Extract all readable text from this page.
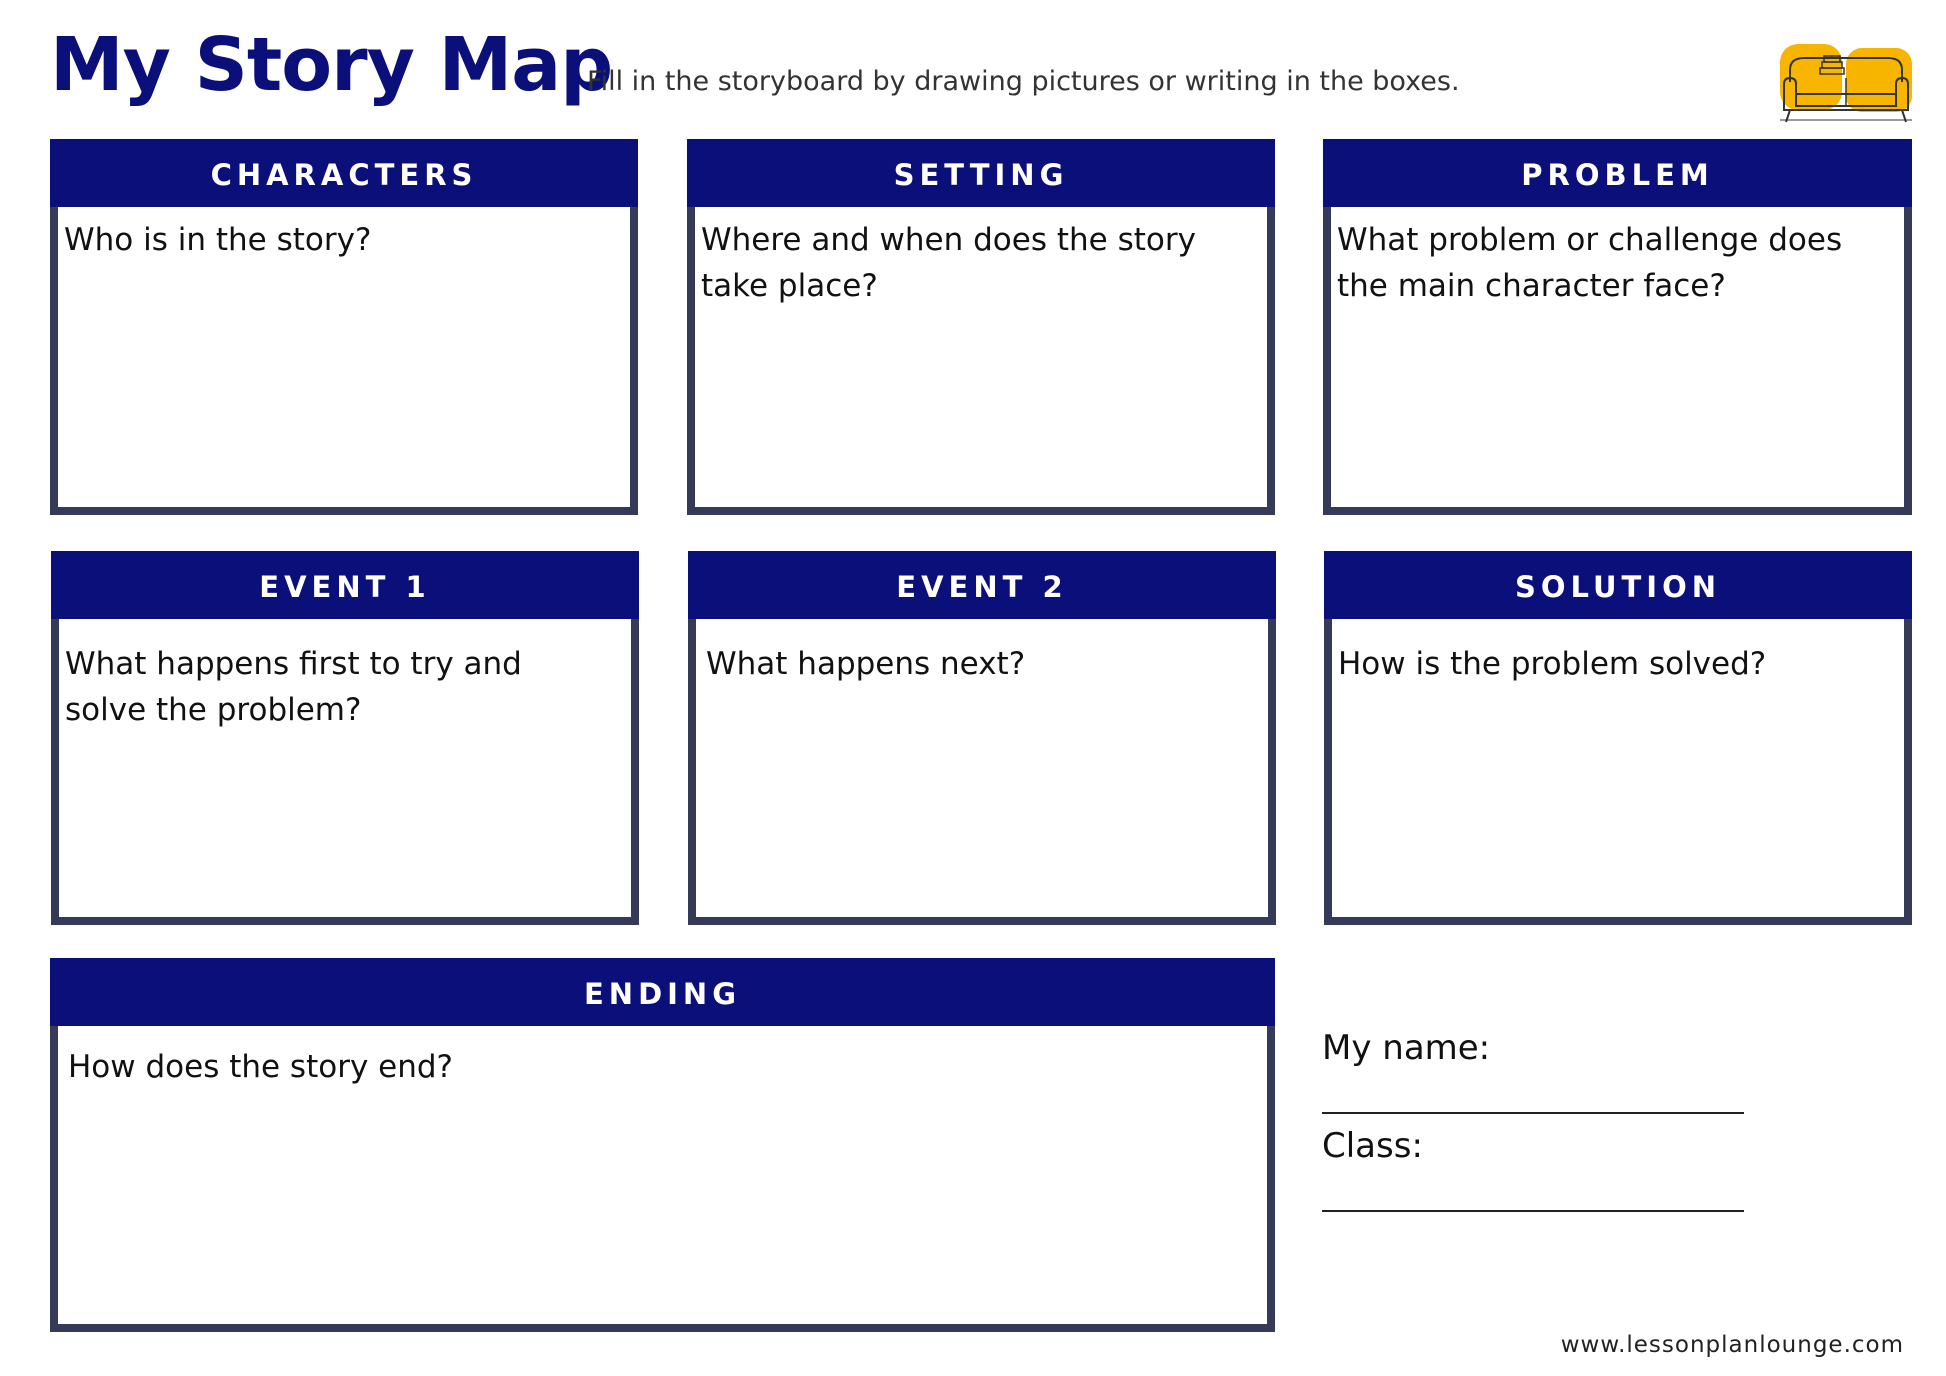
My Story Map
Fill in the storyboard by drawing pictures or writing in the boxes.
CHARACTERS
Who is in the story?
SETTING
Where and when does the story take place?
PROBLEM
What problem or challenge does the main character face?
EVENT 1
What happens first to try and solve the problem?
EVENT 2
What happens next?
SOLUTION
How is the problem solved?
ENDING
How does the story end?	My name:
Class:
www.lessonplanlounge.com
